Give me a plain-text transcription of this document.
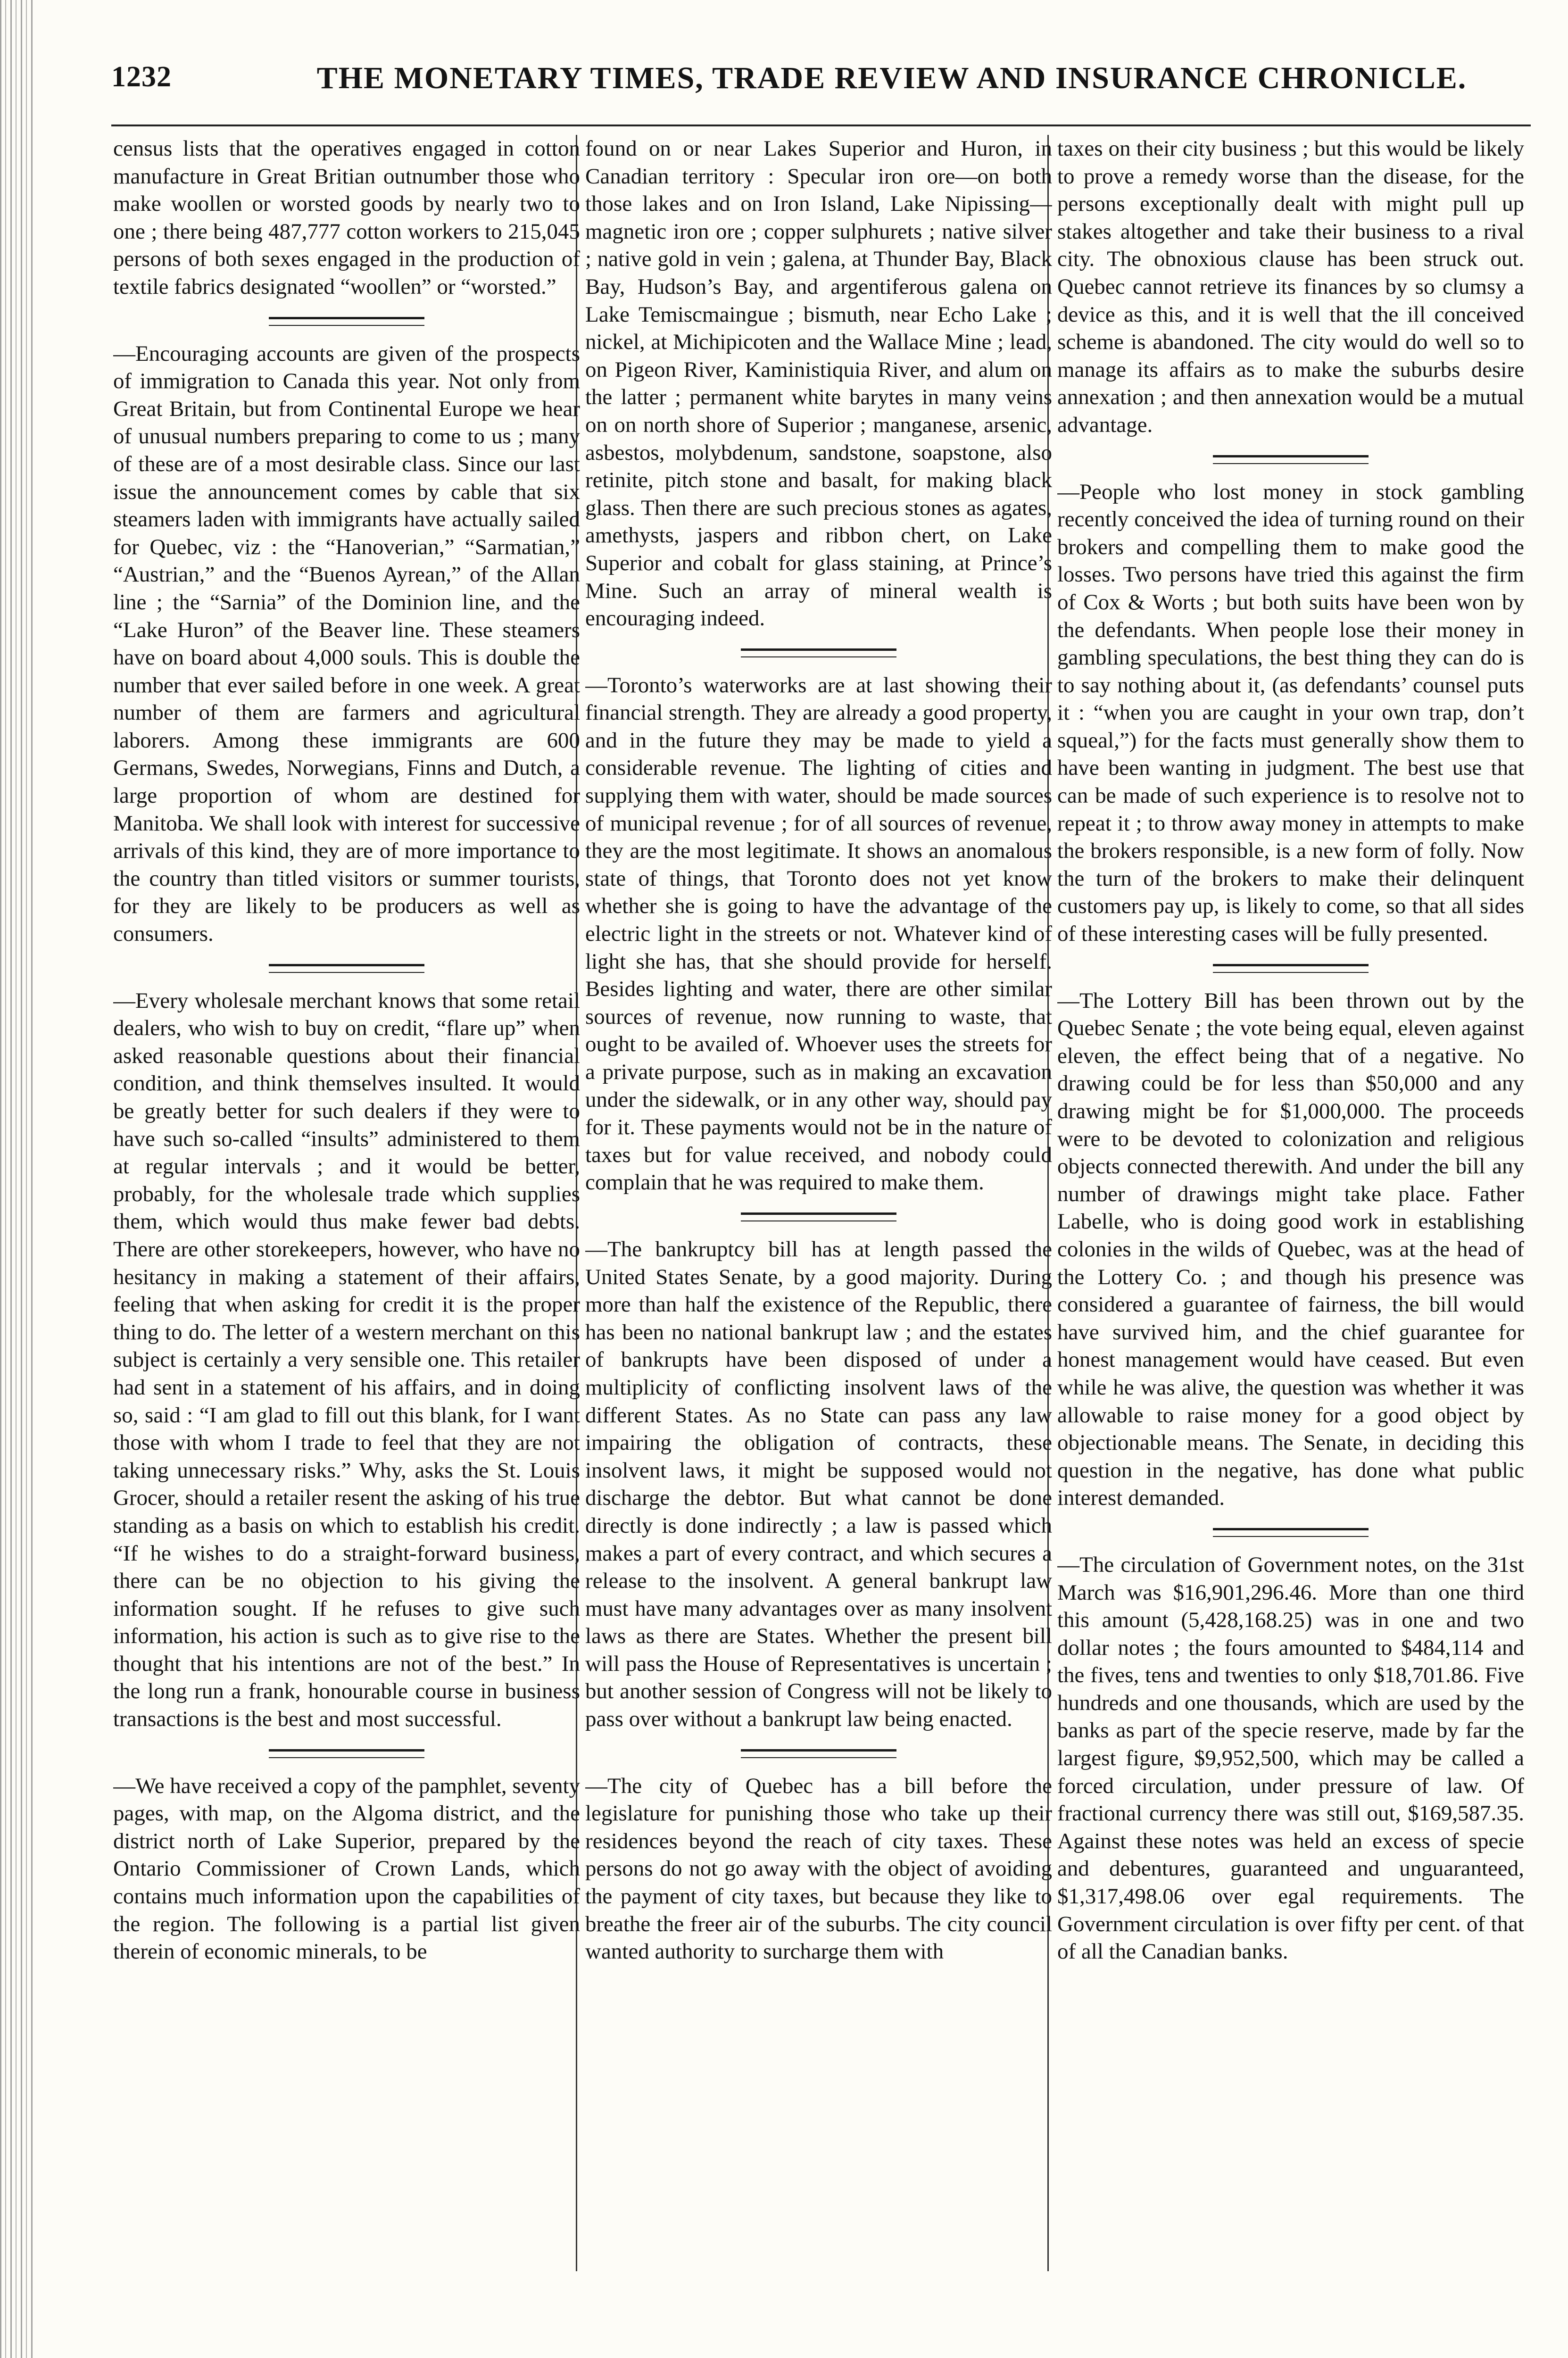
1232	THE MONETARY TIMES, TRADE REVIEW AND INSURANCE CHRONICLE.

census lists that the operatives engaged in cotton manufacture in Great Britian outnumber those who make woollen or worsted goods by nearly two to one ; there being 487,777 cotton workers to 215,045 persons of both sexes engaged in the production of textile fabrics designated “woollen” or “worsted.”

—Encouraging accounts are given of the prospects of immigration to Canada this year. Not only from Great Britain, but from Continental Europe we hear of unusual numbers preparing to come to us ; many of these are of a most desirable class. Since our last issue the announcement comes by cable that six steamers laden with immigrants have actually sailed for Quebec, viz : the “Hanoverian,” “Sarmatian,” “Austrian,” and the “Buenos Ayrean,” of the Allan line ; the “Sarnia” of the Dominion line, and the “Lake Huron” of the Beaver line. These steamers have on board about 4,000 souls. This is double the number that ever sailed before in one week. A great number of them are farmers and agricultural laborers. Among these immigrants are 600 Germans, Swedes, Norwegians, Finns and Dutch, a large proportion of whom are destined for Manitoba. We shall look with interest for successive arrivals of this kind, they are of more importance to the country than titled visitors or summer tourists, for they are likely to be producers as well as consumers.

—Every wholesale merchant knows that some retail dealers, who wish to buy on credit, “flare up” when asked reasonable questions about their financial condition, and think themselves insulted. It would be greatly better for such dealers if they were to have such so-called “insults” administered to them at regular intervals ; and it would be better, probably, for the wholesale trade which supplies them, which would thus make fewer bad debts. There are other storekeepers, however, who have no hesitancy in making a statement of their affairs, feeling that when asking for credit it is the proper thing to do. The letter of a western merchant on this subject is certainly a very sensible one. This retailer had sent in a statement of his affairs, and in doing so, said : “I am glad to fill out this blank, for I want those with whom I trade to feel that they are not taking unnecessary risks.” Why, asks the St. Louis Grocer, should a retailer resent the asking of his true standing as a basis on which to establish his credit. “If he wishes to do a straight-forward business, there can be no objection to his giving the information sought. If he refuses to give such information, his action is such as to give rise to the thought that his intentions are not of the best.” In the long run a frank, honourable course in business transactions is the best and most successful.

—We have received a copy of the pamphlet, seventy pages, with map, on the Algoma district, and the district north of Lake Superior, prepared by the Ontario Commissioner of Crown Lands, which contains much information upon the capabilities of the region. The following is a partial list given therein of economic minerals, to be

found on or near Lakes Superior and Huron, in Canadian territory : Specular iron ore—on both those lakes and on Iron Island, Lake Nipissing—magnetic iron ore ; copper sulphurets ; native silver ; native gold in vein ; galena, at Thunder Bay, Black Bay, Hudson’s Bay, and argentiferous galena on Lake Temiscmaingue ; bismuth, near Echo Lake ; nickel, at Michipicoten and the Wallace Mine ; lead, on Pigeon River, Kaministiquia River, and alum on the latter ; permanent white barytes in many veins on on north shore of Superior ; manganese, arsenic, asbestos, molybdenum, sandstone, soapstone, also retinite, pitch stone and basalt, for making black glass. Then there are such precious stones as agates, amethysts, jaspers and ribbon chert, on Lake Superior and cobalt for glass staining, at Prince’s Mine. Such an array of mineral wealth is encouraging indeed.

—Toronto’s waterworks are at last showing their financial strength. They are already a good property, and in the future they may be made to yield a considerable revenue. The lighting of cities and supplying them with water, should be made sources of municipal revenue ; for of all sources of revenue, they are the most legitimate. It shows an anomalous state of things, that Toronto does not yet know whether she is going to have the advantage of the electric light in the streets or not. Whatever kind of light she has, that she should provide for herself. Besides lighting and water, there are other similar sources of revenue, now running to waste, that ought to be availed of. Whoever uses the streets for a private purpose, such as in making an excavation under the sidewalk, or in any other way, should pay for it. These payments would not be in the nature of taxes but for value received, and nobody could complain that he was required to make them.

—The bankruptcy bill has at length passed the United States Senate, by a good majority. During more than half the existence of the Republic, there has been no national bankrupt law ; and the estates of bankrupts have been disposed of under a multiplicity of conflicting insolvent laws of the different States. As no State can pass any law impairing the obligation of contracts, these insolvent laws, it might be supposed would not discharge the debtor. But what cannot be done directly is done indirectly ; a law is passed which makes a part of every contract, and which secures a release to the insolvent. A general bankrupt law must have many advantages over as many insolvent laws as there are States. Whether the present bill will pass the House of Representatives is uncertain ; but another session of Congress will not be likely to pass over without a bankrupt law being enacted.

—The city of Quebec has a bill before the legislature for punishing those who take up their residences beyond the reach of city taxes. These persons do not go away with the object of avoiding the payment of city taxes, but because they like to breathe the freer air of the suburbs. The city council wanted authority to surcharge them with

taxes on their city business ; but this would be likely to prove a remedy worse than the disease, for the persons exceptionally dealt with might pull up stakes altogether and take their business to a rival city. The obnoxious clause has been struck out. Quebec cannot retrieve its finances by so clumsy a device as this, and it is well that the ill conceived scheme is abandoned. The city would do well so to manage its affairs as to make the suburbs desire annexation ; and then annexation would be a mutual advantage.

—People who lost money in stock gambling recently conceived the idea of turning round on their brokers and compelling them to make good the losses. Two persons have tried this against the firm of Cox & Worts ; but both suits have been won by the defendants. When people lose their money in gambling speculations, the best thing they can do is to say nothing about it, (as defendants’ counsel puts it : “when you are caught in your own trap, don’t squeal,”) for the facts must generally show them to have been wanting in judgment. The best use that can be made of such experience is to resolve not to repeat it ; to throw away money in attempts to make the brokers responsible, is a new form of folly. Now the turn of the brokers to make their delinquent customers pay up, is likely to come, so that all sides of these interesting cases will be fully presented.

—The Lottery Bill has been thrown out by the Quebec Senate ; the vote being equal, eleven against eleven, the effect being that of a negative. No drawing could be for less than $50,000 and any drawing might be for $1,000,000. The proceeds were to be devoted to colonization and religious objects connected therewith. And under the bill any number of drawings might take place. Father Labelle, who is doing good work in establishing colonies in the wilds of Quebec, was at the head of the Lottery Co. ; and though his presence was considered a guarantee of fairness, the bill would have survived him, and the chief guarantee for honest management would have ceased. But even while he was alive, the question was whether it was allowable to raise money for a good object by objectionable means. The Senate, in deciding this question in the negative, has done what public interest demanded.

—The circulation of Government notes, on the 31st March was $16,901,296.46. More than one third this amount (5,428,168.25) was in one and two dollar notes ; the fours amounted to $484,114 and the fives, tens and twenties to only $18,701.86. Five hundreds and one thousands, which are used by the banks as part of the specie reserve, made by far the largest figure, $9,952,500, which may be called a forced circulation, under pressure of law. Of fractional currency there was still out, $169,587.35. Against these notes was held an excess of specie and debentures, guaranteed and unguaranteed, $1,317,498.06 over egal requirements. The Government circulation is over fifty per cent. of that of all the Canadian banks.
